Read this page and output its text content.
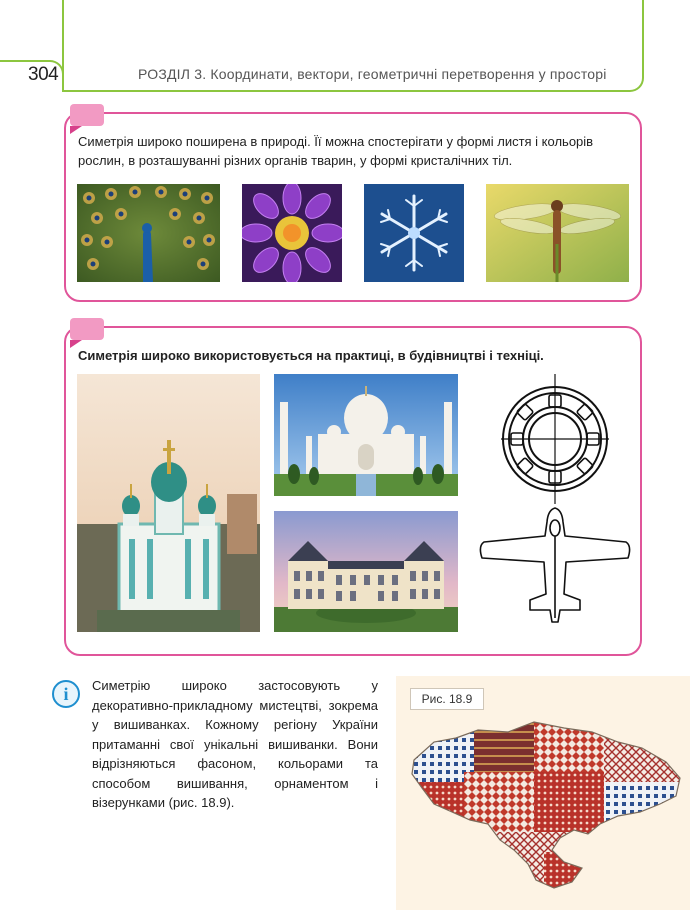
304	РОЗДІЛ 3. Координати, вектори, геометричні перетворення у просторі
Симетрія широко поширена в природі. Її можна спостерігати у формі листя і кольорів рослин, в розташуванні різних органів тварин, у формі кристалічних тіл.
Симетрія широко використовується на практиці, в будівництві і техніці.
i	Симетрію широко застосовують у декоративно-прикладному мистецтві, зокрема у вишиванках. Кожному регіону України притаманні свої унікальні вишиванки. Вони відрізняються фасоном, кольорами та способом вишивання, орнаментом і візерунками (рис. 18.9).
Рис. 18.9
